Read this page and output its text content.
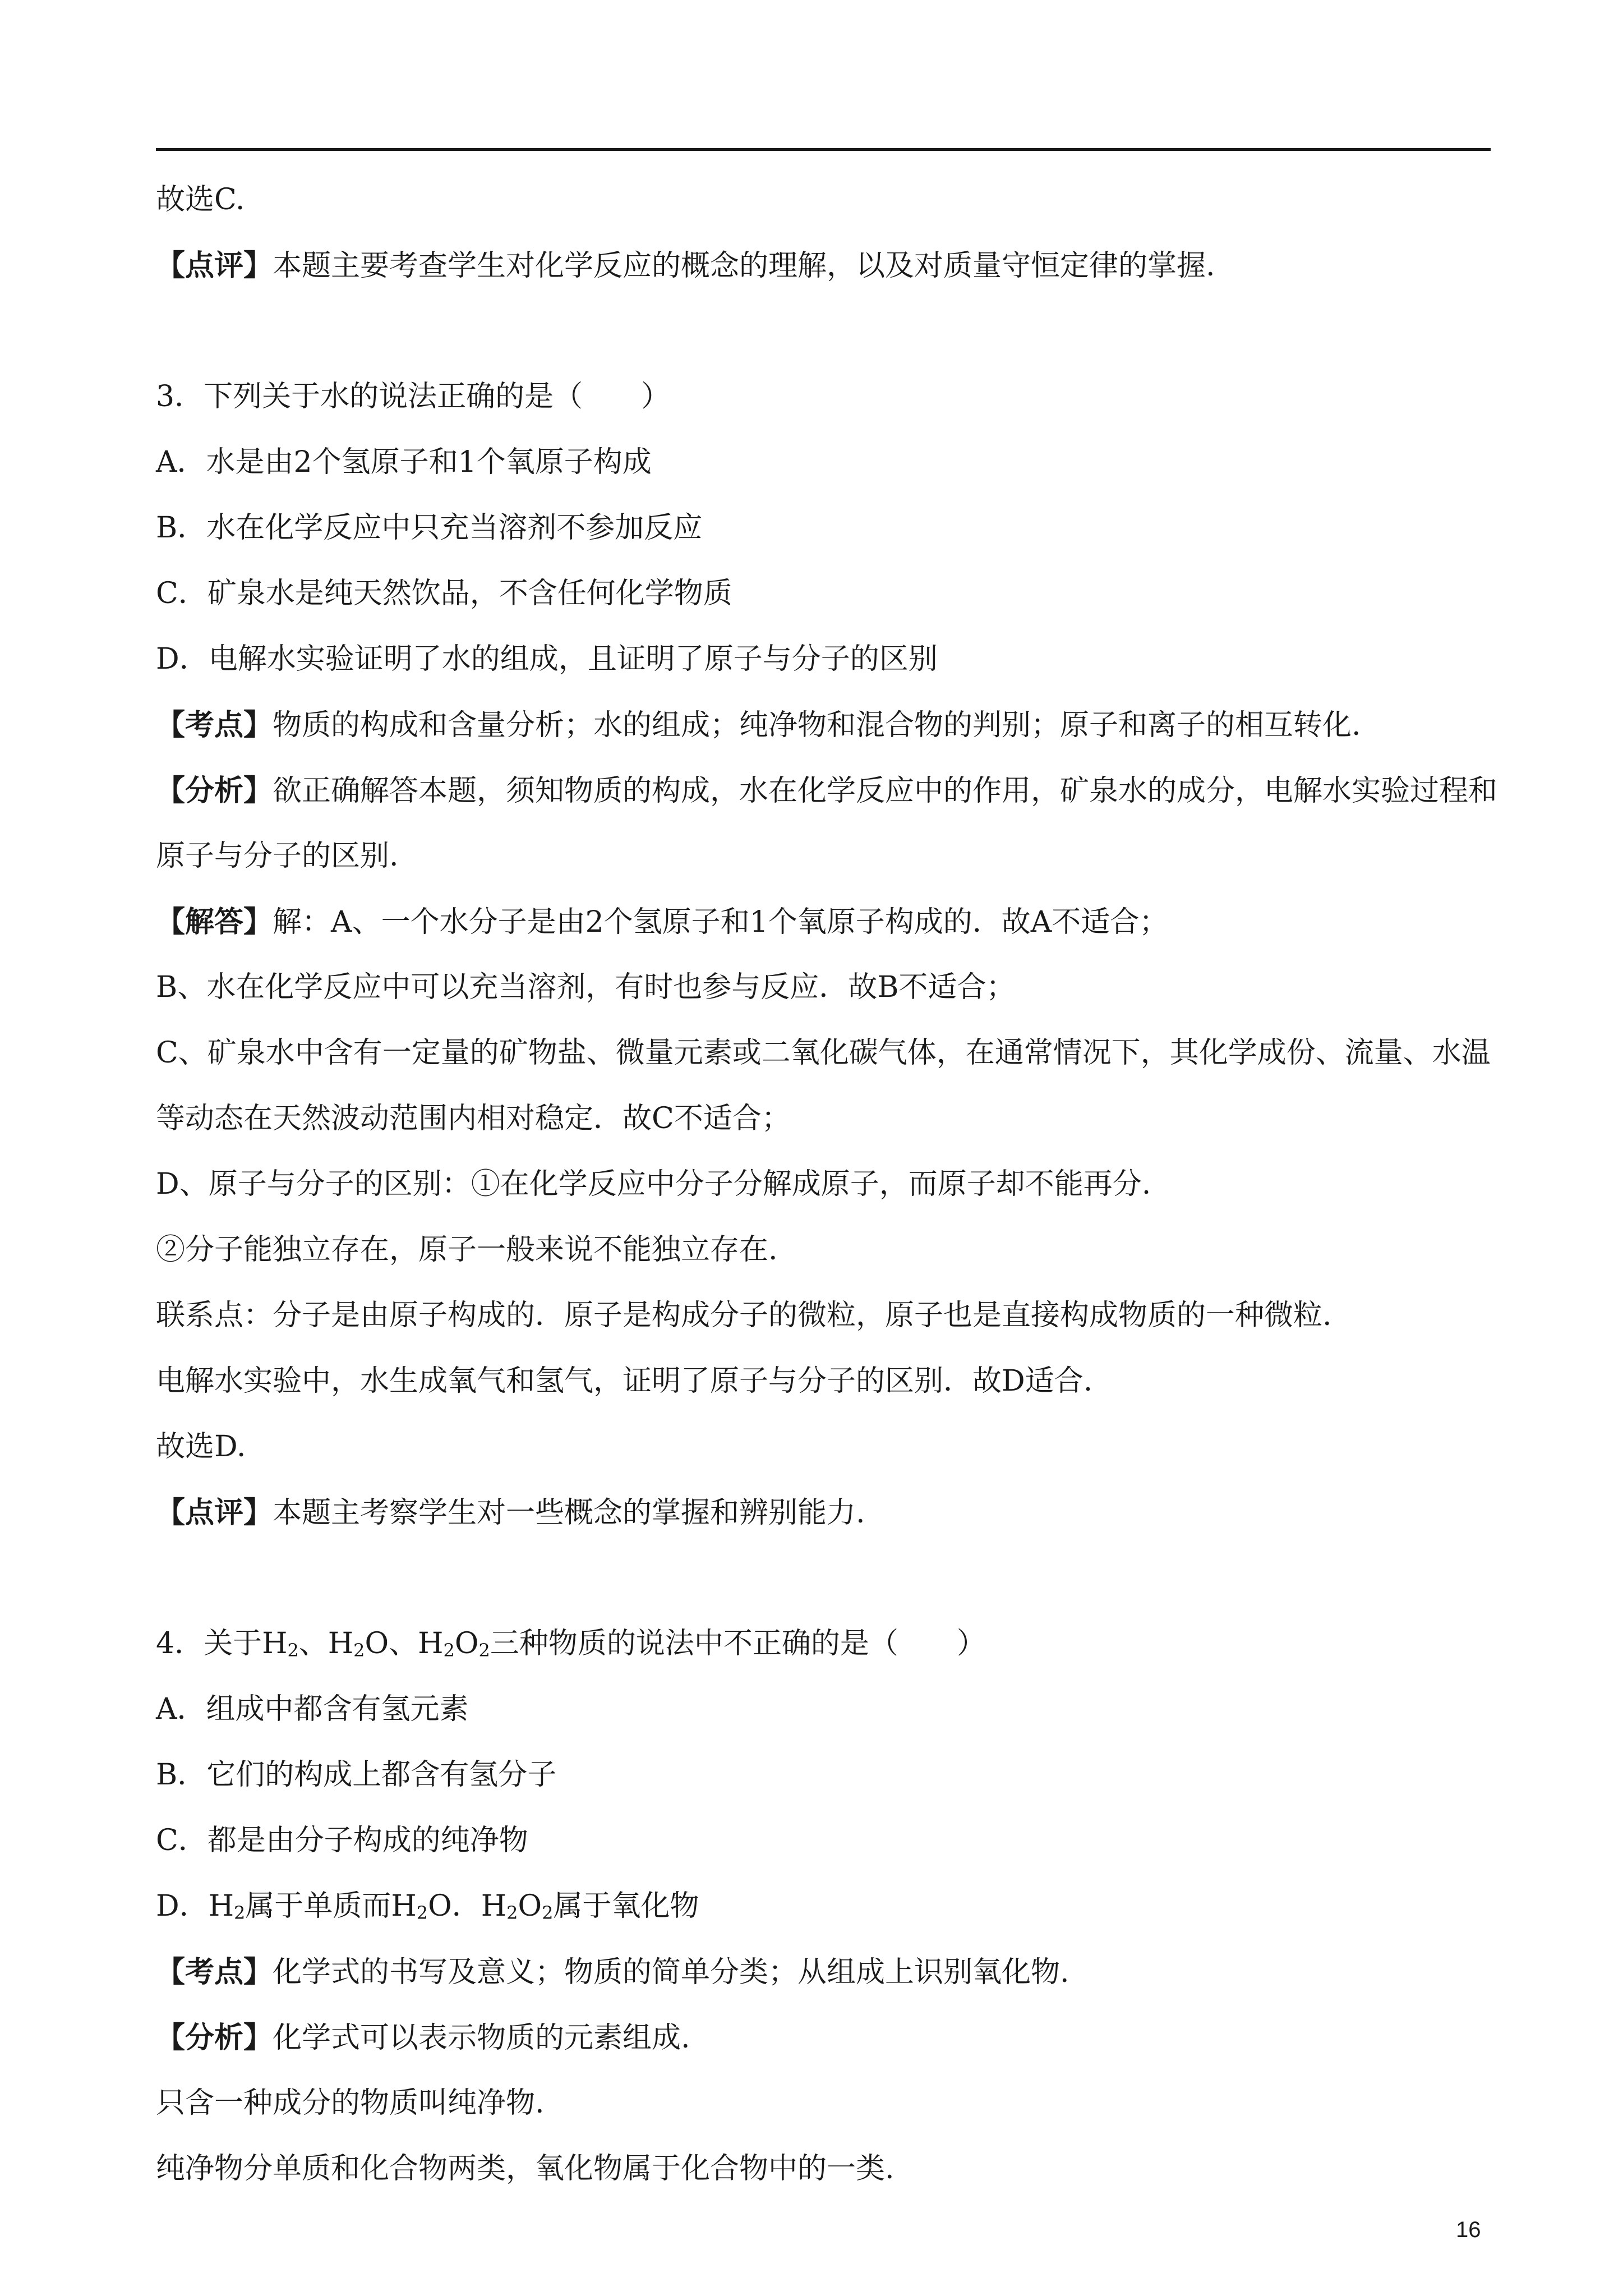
故选C.
【点评】本题主要考查学生对化学反应的概念的理解，以及对质量守恒定律的掌握.
3．下列关于水的说法正确的是（　　）
A．水是由2个氢原子和1个氧原子构成
B．水在化学反应中只充当溶剂不参加反应
C．矿泉水是纯天然饮品，不含任何化学物质
D．电解水实验证明了水的组成，且证明了原子与分子的区别
【考点】物质的构成和含量分析；水的组成；纯净物和混合物的判别；原子和离子的相互转化.
【分析】欲正确解答本题，须知物质的构成，水在化学反应中的作用，矿泉水的成分，电解水实验过程和
原子与分子的区别.
【解答】解：A、一个水分子是由2个氢原子和1个氧原子构成的．故A不适合；
B、水在化学反应中可以充当溶剂，有时也参与反应．故B不适合；
C、矿泉水中含有一定量的矿物盐、微量元素或二氧化碳气体，在通常情况下，其化学成份、流量、水温
等动态在天然波动范围内相对稳定．故C不适合；
D、原子与分子的区别：①在化学反应中分子分解成原子，而原子却不能再分.
②分子能独立存在，原子一般来说不能独立存在.
联系点：分子是由原子构成的．原子是构成分子的微粒，原子也是直接构成物质的一种微粒.
电解水实验中，水生成氧气和氢气，证明了原子与分子的区别．故D适合.
故选D.
【点评】本题主考察学生对一些概念的掌握和辨别能力.
4．关于$H_2$、$H_2O$、$H_2O_2$三种物质的说法中不正确的是（　　）
A．组成中都含有氢元素
B．它们的构成上都含有氢分子
C．都是由分子构成的纯净物
D．$H_2$属于单质而$H_2O$．$H_2O_2$属于氧化物
【考点】化学式的书写及意义；物质的简单分类；从组成上识别氧化物.
【分析】化学式可以表示物质的元素组成.
只含一种成分的物质叫纯净物.
纯净物分单质和化合物两类，氧化物属于化合物中的一类.
16
